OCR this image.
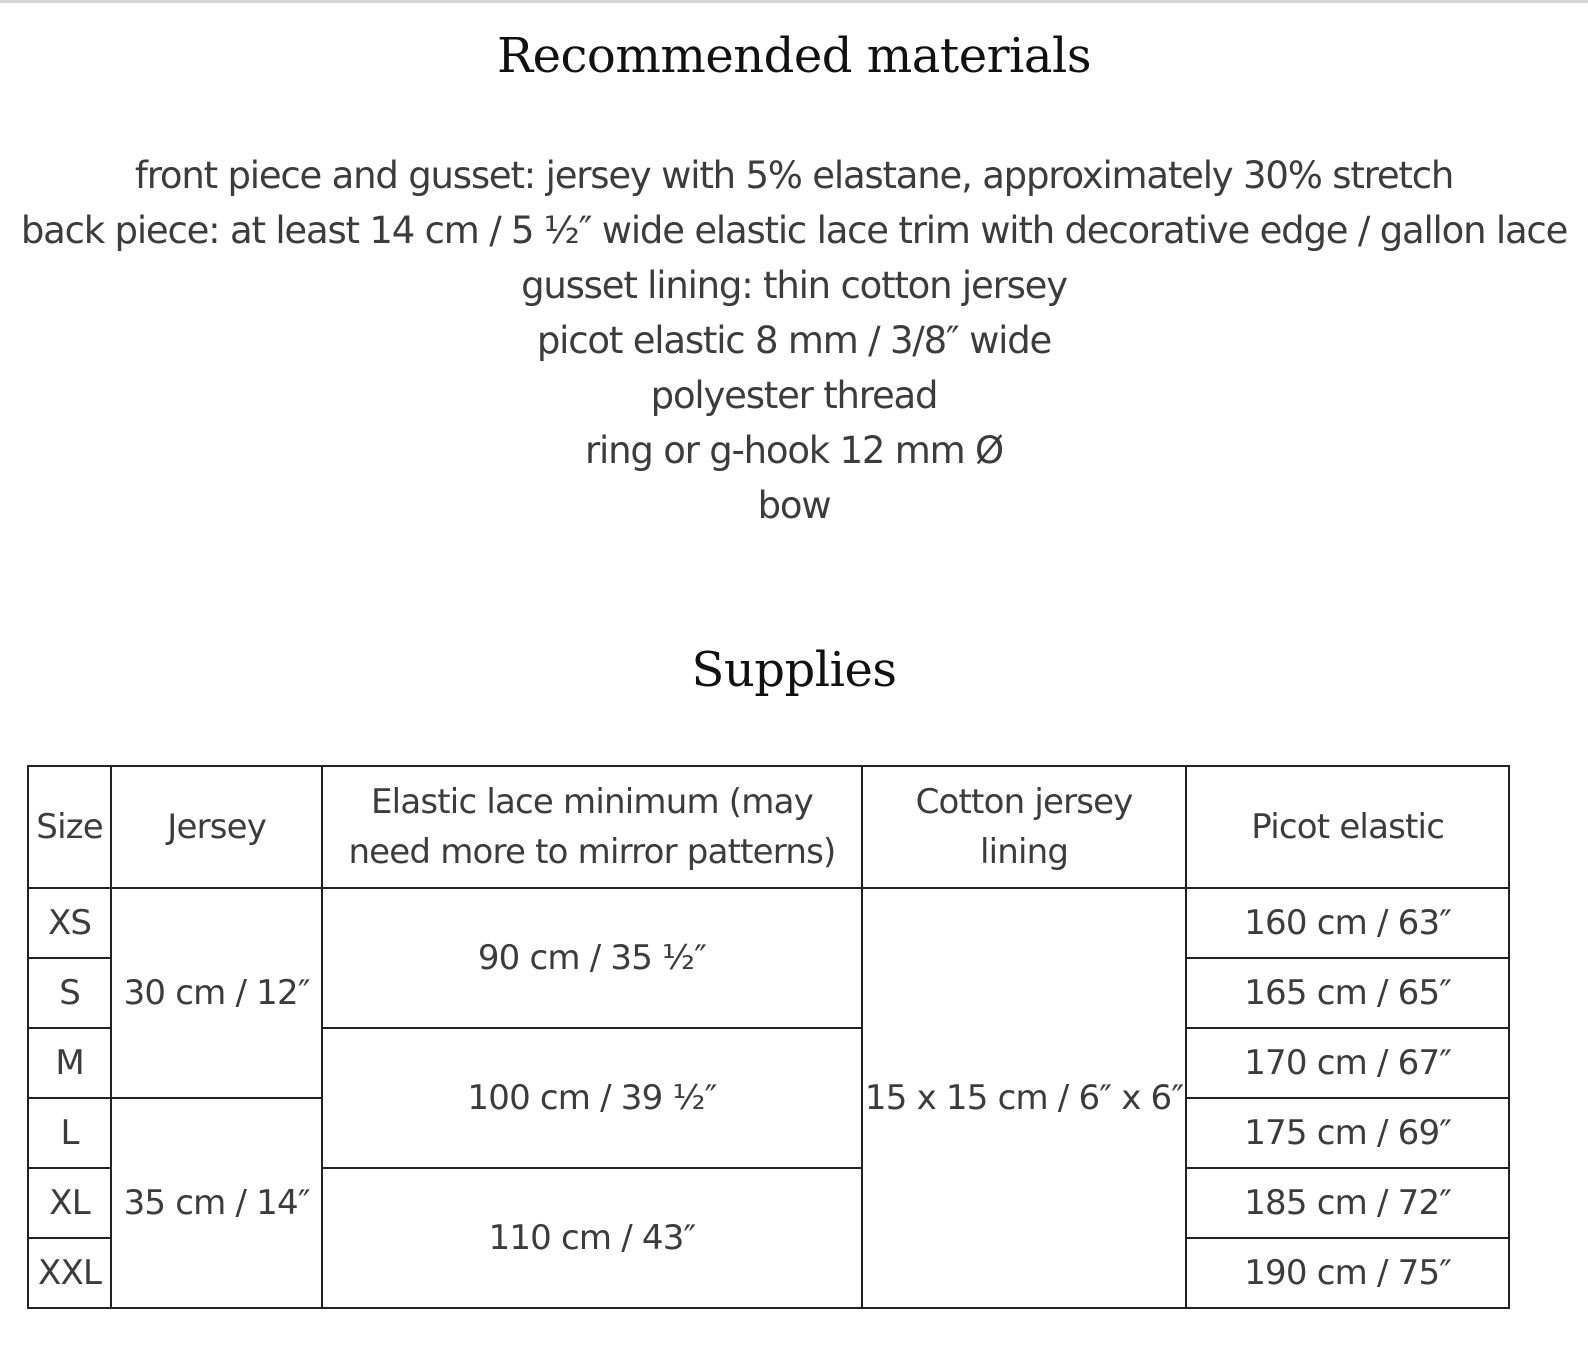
Recommended materials
front piece and gusset: jersey with 5% elastane, approximately 30% stretch
back piece: at least 14 cm / 5 ½″ wide elastic lace trim with decorative edge / gallon lace
gusset lining: thin cotton jersey
picot elastic 8 mm / 3/8″ wide
polyester thread
ring or g-hook 12 mm Ø
bow
Supplies
Size	Jersey	Elastic lace minimum (may need more to mirror patterns)	Cotton jersey lining	Picot elastic
XS	30 cm / 12″	90 cm / 35 ½″	15 x 15 cm / 6″ x 6″	160 cm / 63″
S				165 cm / 65″
M		100 cm / 39 ½″		170 cm / 67″
L	35 cm / 14″			175 cm / 69″
XL		110 cm / 43″		185 cm / 72″
XXL				190 cm / 75″
